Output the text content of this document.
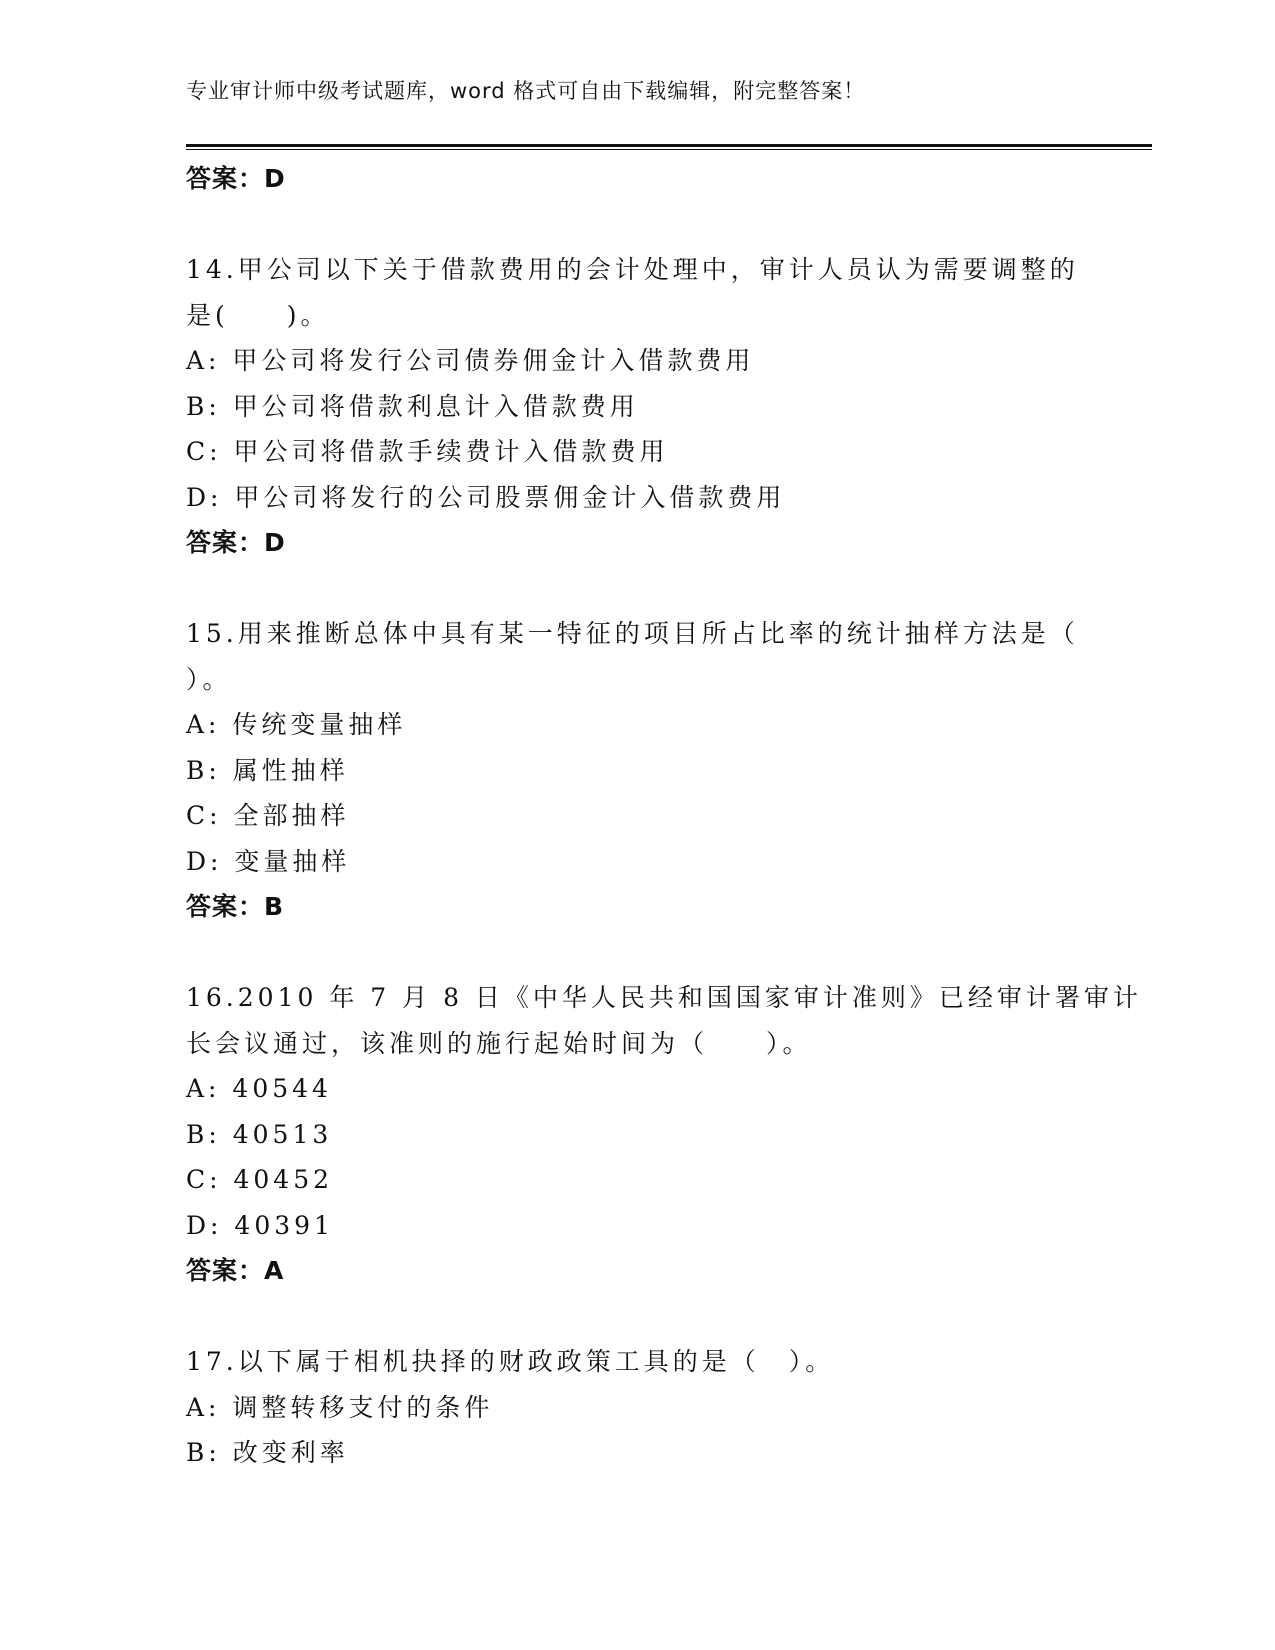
专业审计师中级考试题库，word 格式可自由下载编辑，附完整答案！
答案：D
14.甲公司以下关于借款费用的会计处理中，审计人员认为需要调整的
是(　　)。
A: 甲公司将发行公司债券佣金计入借款费用
B: 甲公司将借款利息计入借款费用
C: 甲公司将借款手续费计入借款费用
D: 甲公司将发行的公司股票佣金计入借款费用
答案：D
15.用来推断总体中具有某一特征的项目所占比率的统计抽样方法是（
）。
A: 传统变量抽样
B: 属性抽样
C: 全部抽样
D: 变量抽样
答案：B
16.2010 年 7 月 8 日《中华人民共和国国家审计准则》已经审计署审计
长会议通过，该准则的施行起始时间为（　　）。
A: 40544
B: 40513
C: 40452
D: 40391
答案：A
17.以下属于相机抉择的财政政策工具的是（　）。
A: 调整转移支付的条件
B: 改变利率
